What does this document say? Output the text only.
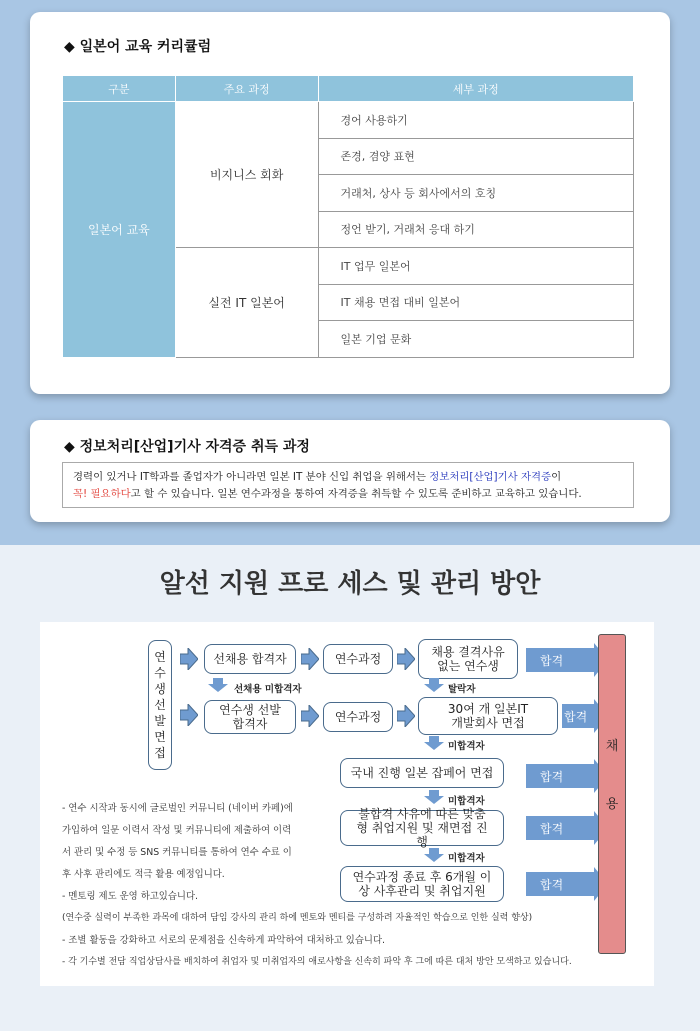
◆ 일본어 교육 커리큘럼
구분	주요 과정	세부 과정
일본어 교육	비지니스 회화	경어 사용하기
		존경, 겸양 표현
		거래처, 상사 등 회사에서의 호칭
		정언 받기, 거래처 응대 하기
	실전 IT 일본어	IT 업무 일본어
		IT 채용 면접 대비 일본어
		일본 기업 문화
◆ 정보처리[산업]기사 자격증 취득 과정
경력이 있거나 IT학과를 졸업자가 아니라면 일본 IT 분야 신입 취업을 위해서는 정보처리[산업]기사 자격증이
꼭! 필요하다고 할 수 있습니다. 일본 연수과정을 통하여 자격증을 취득할 수 있도록 준비하고 교육하고 있습니다.
알선 지원 프로 세스 및 관리 방안
연수생 선발면접
선채용 합격자	연수과정	채용 결격사유 없는 연수생	합격
선채용 미합격자	탈락자
연수생 선발 합격자	연수과정
30여 개 일본IT 개발회사 면접	합격
미합격자
국내 진행 일본 잡페어 면접	합격
미합격자
불합격 사유에 따른 맞춤형 취업지원 및 재면접 진행
합격
미합격자
연수과정 종료 후 6개월 이상 사후관리 및 취업지원	합격
채
용
- 연수 시작과 동시에 글로벌인 커뮤니티 (네이버 카페)에
가입하여 일문 이력서 작성 및 커뮤니티에 제출하여 이력
서 관리 및 수정 등 SNS 커뮤니티를 통하여 연수 수료 이
후 사후 관리에도 적극 활용 예정입니다.
- 멘토링 제도 운영 하고있습니다.
(연수중 실력이 부족한 과목에 대하여 담임 강사의 관리 하에 멘토와 멘티를 구성하려 자율적인 학습으로 인한 실력 향상)
- 조별 활동을 강화하고 서로의 문제점을 신속하게 파악하여 대처하고 있습니다.
- 각 기수별 전담 직업상담사를 배치하여 취업자 및 미취업자의 애로사항을 신속히 파악 후 그에 따른 대처 방안 모색하고 있습니다.
